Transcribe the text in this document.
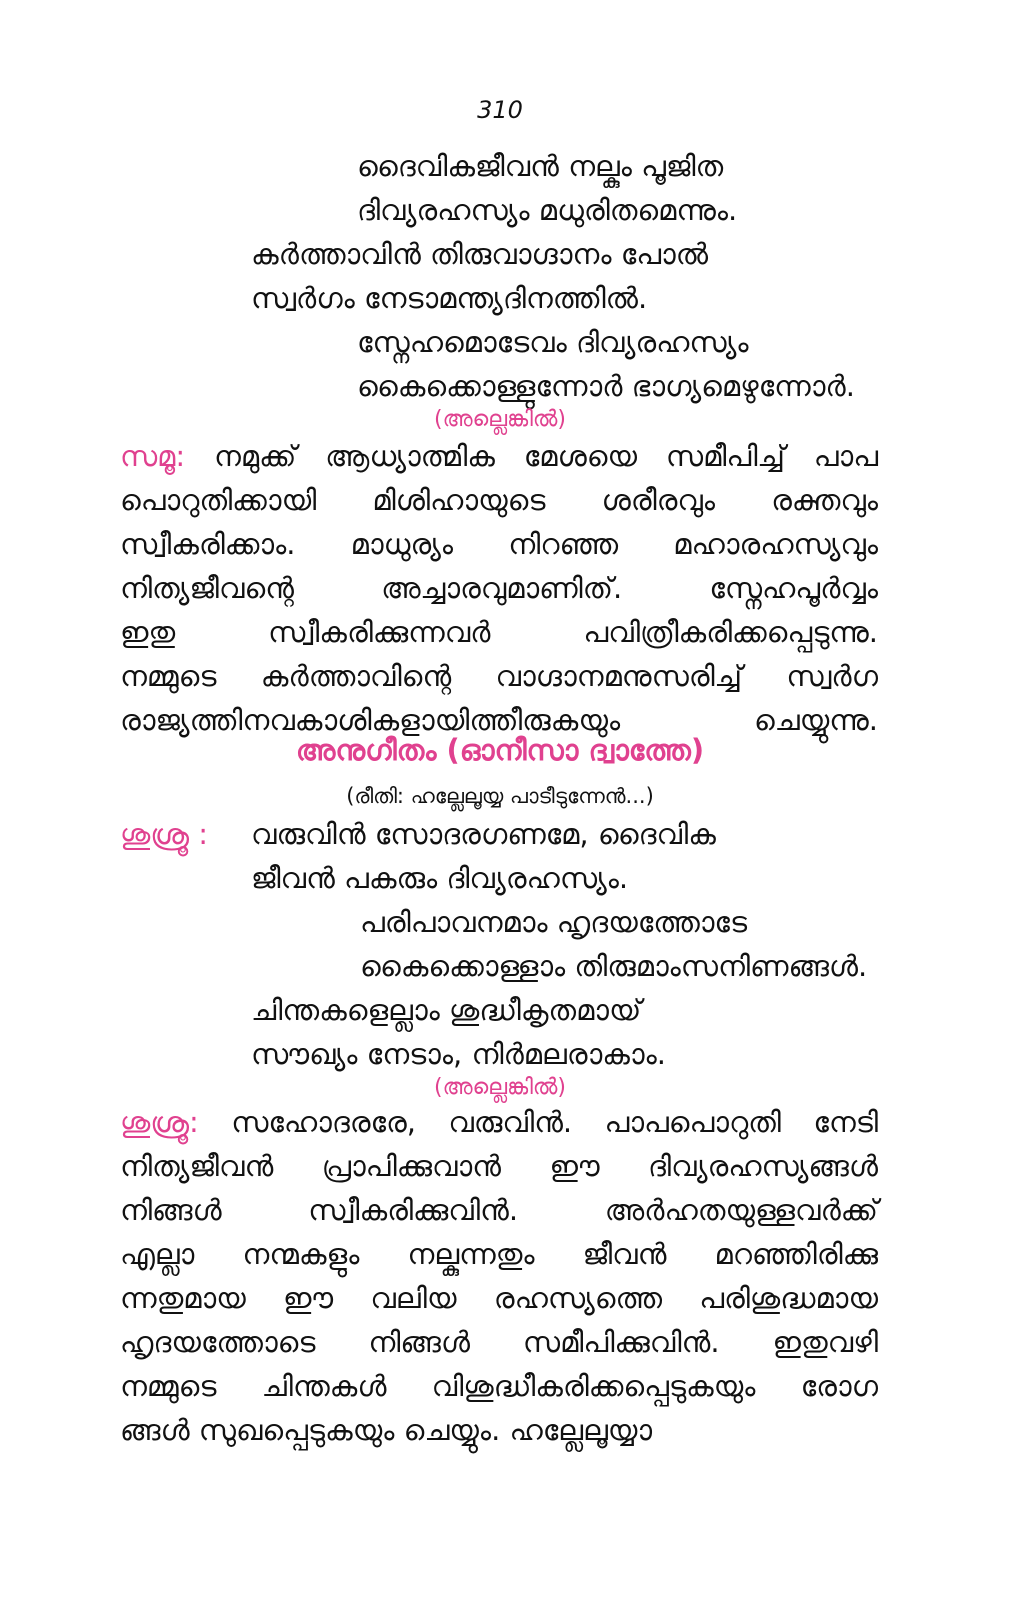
310
ദൈവികജീവൻ നല്കും പൂജിത
ദിവ്യരഹസ്യം മധുരിതമെന്നും.
കർത്താവിൻ തിരുവാഗ്ദാനം പോൽ
സ്വർഗം നേടാമന്ത്യദിനത്തിൽ.
സ്നേഹമൊടേവം ദിവ്യരഹസ്യം
കൈക്കൊള്ളുന്നോർ ഭാഗ്യമെഴുന്നോർ.
(അല്ലെങ്കിൽ)
സമൂ: നമുക്ക് ആധ്യാത്മിക മേശയെ സമീപിച്ച് പാപ
പൊറുതിക്കായി മിശിഹായുടെ ശരീരവും രക്തവും
സ്വീകരിക്കാം. മാധുര്യം നിറഞ്ഞ മഹാരഹസ്യവും
നിത്യജീവന്റെ അച്ചാരവുമാണിത്. സ്നേഹപൂർവ്വം
ഇതു സ്വീകരിക്കുന്നവർ പവിത്രീകരിക്കപ്പെടുന്നു.
നമ്മുടെ കർത്താവിന്റെ വാഗ്ദാനമനുസരിച്ച് സ്വർഗ
രാജ്യത്തിനവകാശികളായിത്തീരുകയും ചെയ്യുന്നു.
അനുഗീതം (ഓനീസാ ദ്വാത്തേ)
(രീതി: ഹല്ലേലൂയ്യ പാടീടുന്നേൻ...)
ശുശ്രൂ : വരുവിൻ സോദരഗണമേ, ദൈവിക
ജീവൻ പകരും ദിവ്യരഹസ്യം.
പരിപാവനമാം ഹൃദയത്തോടേ
കൈക്കൊള്ളാം തിരുമാംസനിണങ്ങൾ.
ചിന്തകളെല്ലാം ശുദ്ധീകൃതമായ്
സൗഖ്യം നേടാം, നിർമലരാകാം.
(അല്ലെങ്കിൽ)
ശുശ്രൂ: സഹോദരരേ, വരുവിൻ. പാപപൊറുതി നേടി
നിത്യജീവൻ പ്രാപിക്കുവാൻ ഈ ദിവ്യരഹസ്യങ്ങൾ
നിങ്ങൾ സ്വീകരിക്കുവിൻ. അർഹതയുള്ളവർക്ക്
എല്ലാ നന്മകളും നല്കുന്നതും ജീവൻ മറഞ്ഞിരിക്കു
ന്നതുമായ ഈ വലിയ രഹസ്യത്തെ പരിശുദ്ധമായ
ഹൃദയത്തോടെ നിങ്ങൾ സമീപിക്കുവിൻ. ഇതുവഴി
നമ്മുടെ ചിന്തകൾ വിശുദ്ധീകരിക്കപ്പെടുകയും രോഗ
ങ്ങൾ സുഖപ്പെടുകയും ചെയ്യും. ഹല്ലേലൂയ്യാ
